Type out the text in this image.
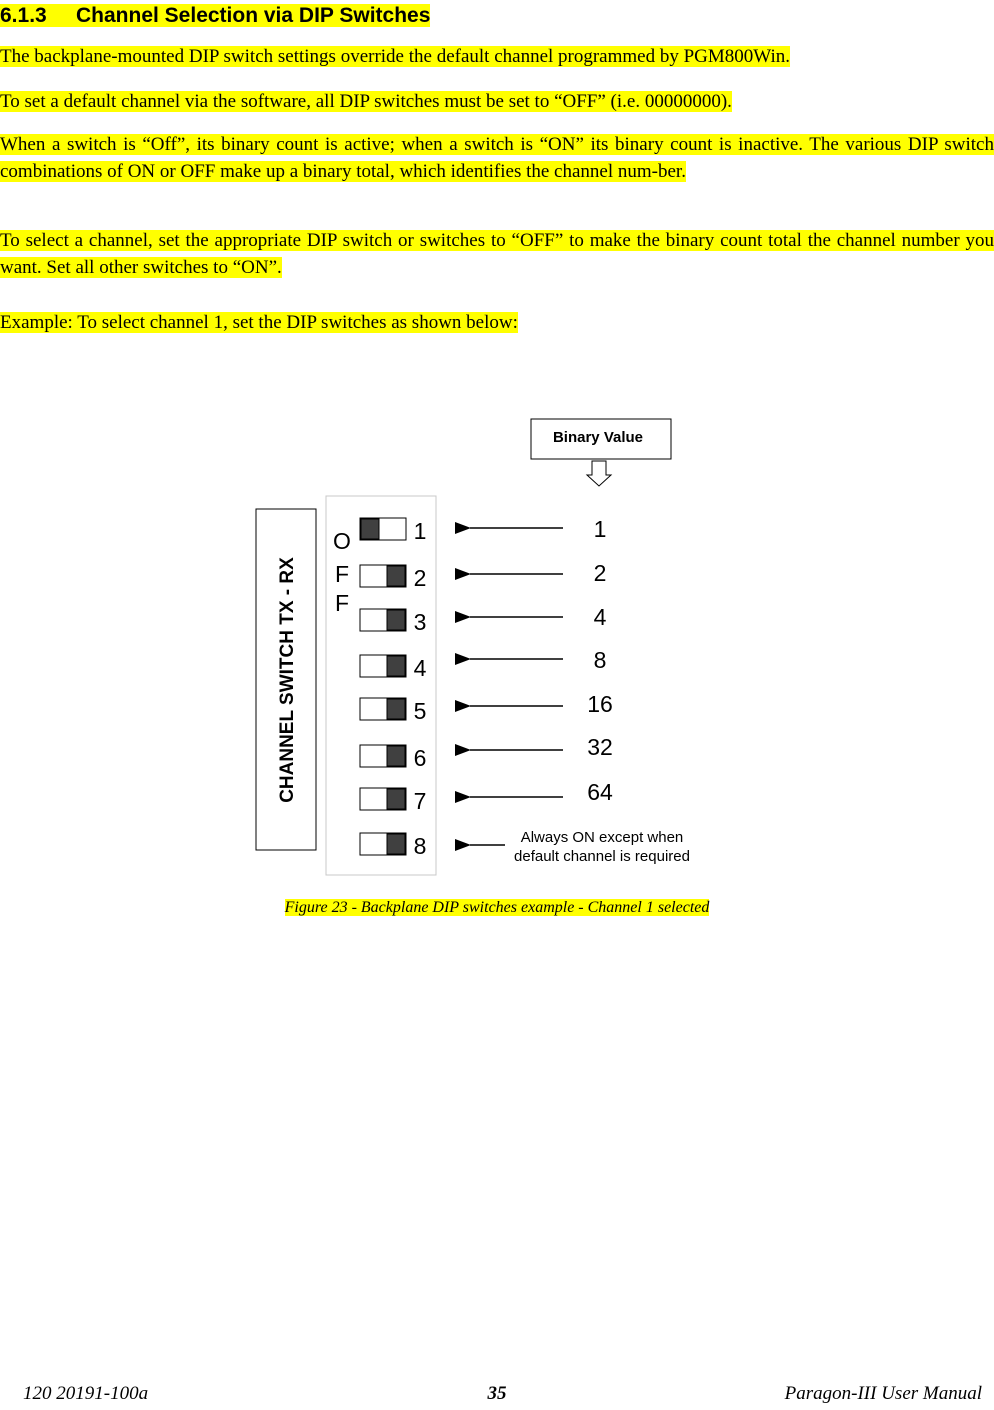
6.1.3 Channel Selection via DIP Switches

The backplane-mounted DIP switch settings override the default channel programmed by PGM800Win.

To set a default channel via the software, all DIP switches must be set to “OFF” (i.e. 00000000).

When a switch is “Off”, its binary count is active; when a switch is “ON” its binary count is inactive. The various DIP switch combinations of ON or OFF make up a binary total, which identifies the channel num-ber.

To select a channel, set the appropriate DIP switch or switches to “OFF” to make the binary count total the channel number you want. Set all other switches to “ON”.

Example: To select channel 1, set the DIP switches as shown below:

CHANNEL SWITCH TX - RX
O
F
F
1	1
2	2
3	4
4	8
5	16
6	32
7	64
8
Binary Value
Always ON except when
default channel is required

Figure 23 - Backplane DIP switches example - Channel 1 selected

120 20191-100a	35	Paragon-III User Manual
